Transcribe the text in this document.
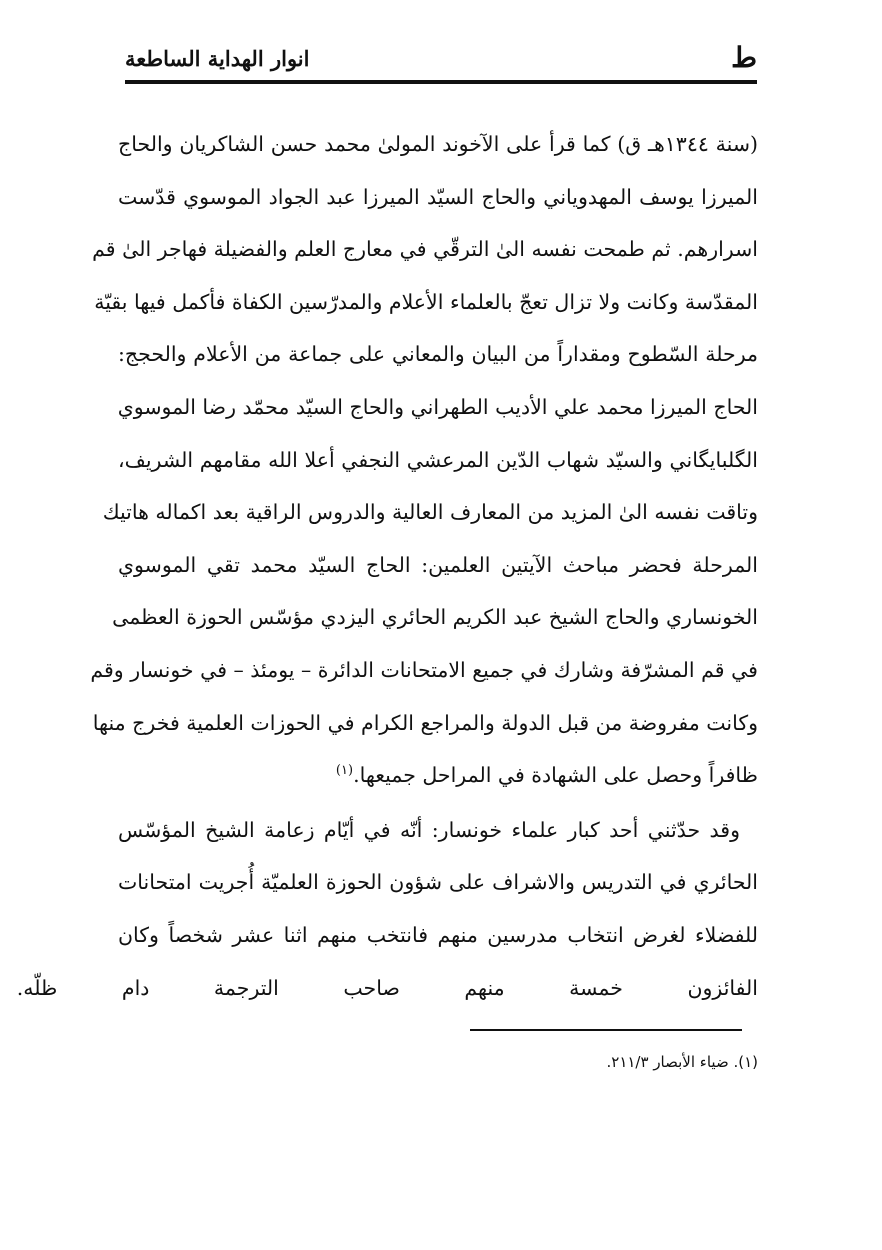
ط
انوار الهداية الساطعة

(سنة ١٣٤٤هـ ق) كما قرأ على الآخوند المولىٰ محمد حسن الشاكريان والحاج
الميرزا يوسف المهدوياني والحاج السيّد الميرزا عبد الجواد الموسوي قدّست
اسرارهم. ثم طمحت نفسه الىٰ الترقّي في معارج العلم والفضيلة فهاجر الىٰ قم
المقدّسة وكانت ولا تزال تعجّ بالعلماء الأعلام والمدرّسين الكفاة فأكمل فيها بقيّة
مرحلة السّطوح ومقداراً من البيان والمعاني على جماعة من الأعلام والحجج:
الحاج الميرزا محمد علي الأديب الطهراني والحاج السيّد محمّد رضا الموسوي
الگلبايگاني والسيّد شهاب الدّين المرعشي النجفي أعلا الله مقامهم الشريف،
وتاقت نفسه الىٰ المزيد من المعارف العالية والدروس الراقية بعد اكماله هاتيك
المرحلة فحضر مباحث الآيتين العلمين: الحاج السيّد محمد تقي الموسوي
الخونساري والحاج الشيخ عبد الكريم الحائري اليزدي مؤسّس الحوزة العظمى
في قم المشرّفة وشارك في جميع الامتحانات الدائرة – يومئذ – في خونسار وقم
وكانت مفروضة من قبل الدولة والمراجع الكرام في الحوزات العلمية فخرج منها
ظافراً وحصل على الشهادة في المراحل جميعها.$^{(١)}$

وقد حدّثني أحد كبار علماء خونسار: أنّه في أيّام زعامة الشيخ المؤسّس
الحائري في التدريس والاشراف على شؤون الحوزة العلميّة أُجريت امتحانات
للفضلاء لغرض انتخاب مدرسين منهم فانتخب منهم اثنا عشر شخصاً وكان
الفائزون خمسة منهم صاحب الترجمة دام ظلّه.

(١). ضياء الأبصار ٢١١/٣.
